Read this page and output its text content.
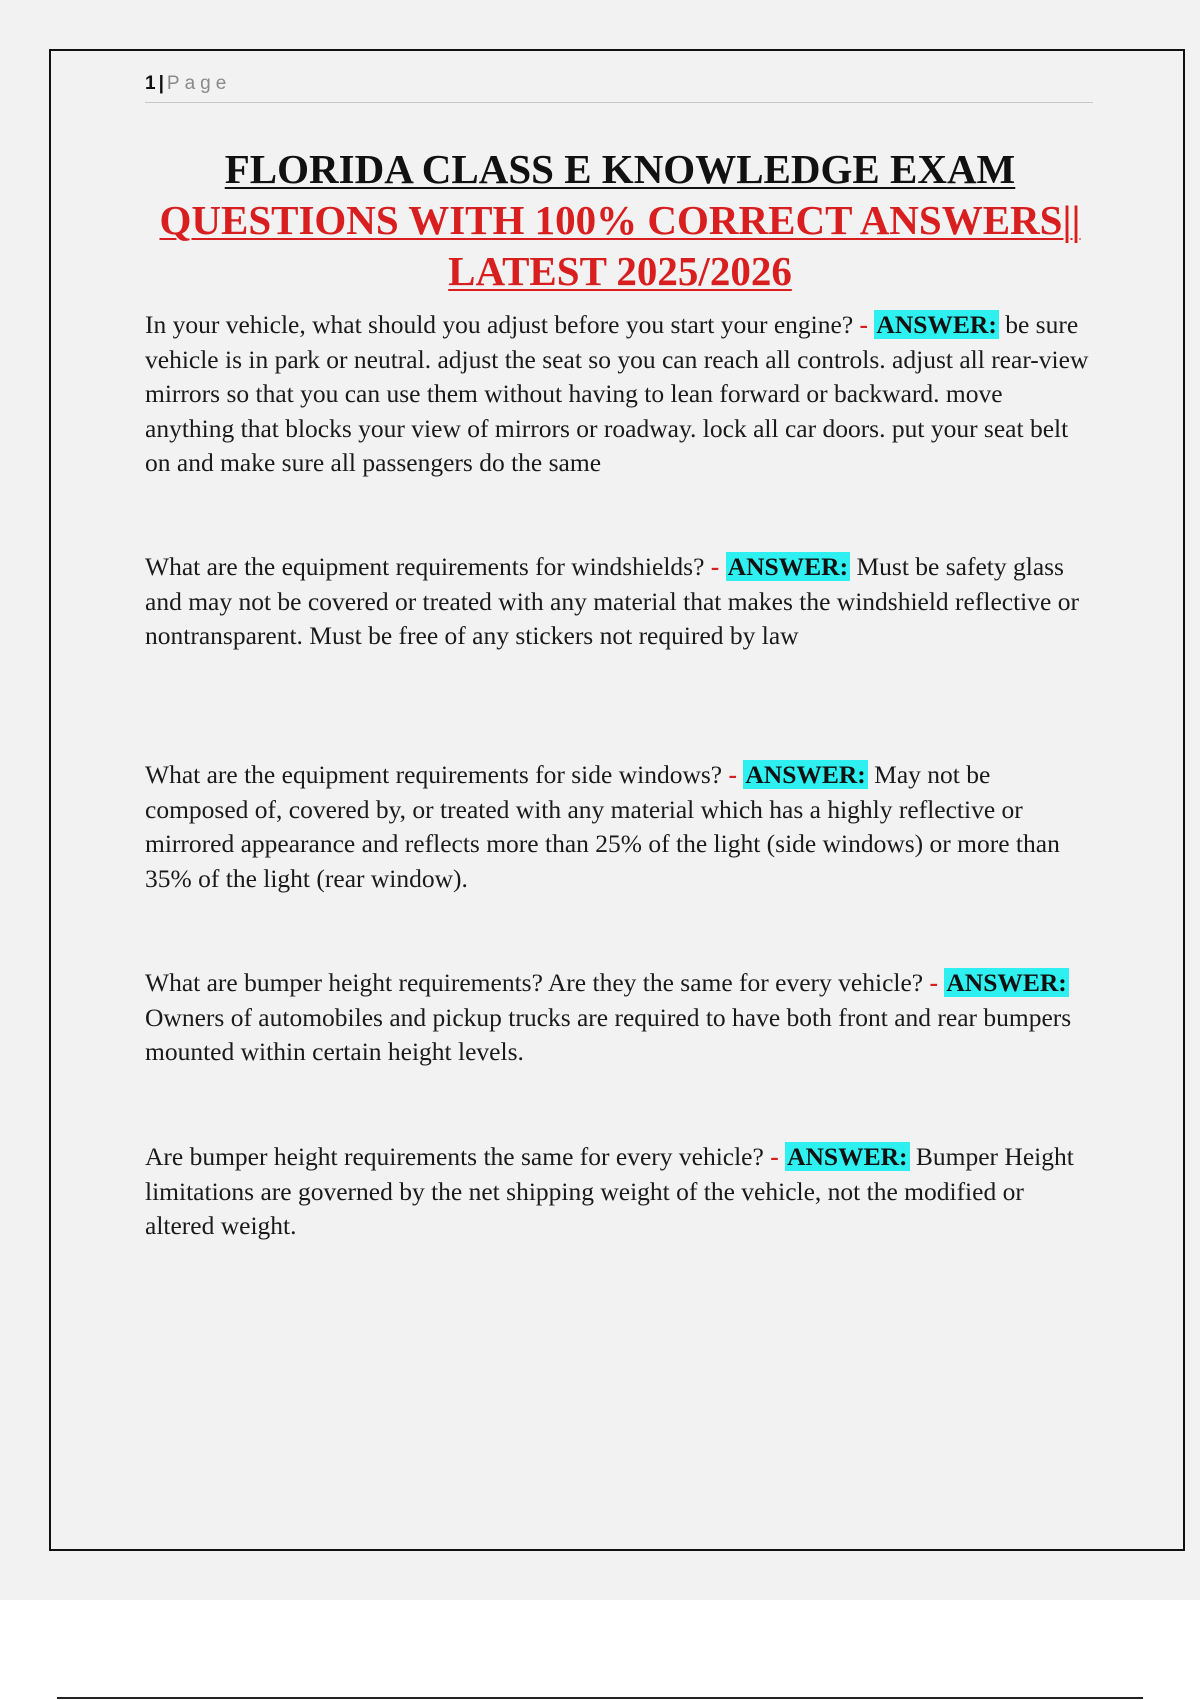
1 | Page
FLORIDA CLASS E KNOWLEDGE EXAM
QUESTIONS WITH 100% CORRECT ANSWERS||
LATEST 2025/2026

In your vehicle, what should you adjust before you start your engine? - ANSWER: be sure vehicle is in park or neutral. adjust the seat so you can reach all controls. adjust all rear-view mirrors so that you can use them without having to lean forward or backward. move anything that blocks your view of mirrors or roadway. lock all car doors. put your seat belt on and make sure all passengers do the same

What are the equipment requirements for windshields? - ANSWER: Must be safety glass and may not be covered or treated with any material that makes the windshield reflective or nontransparent. Must be free of any stickers not required by law

What are the equipment requirements for side windows? - ANSWER: May not be composed of, covered by, or treated with any material which has a highly reflective or mirrored appearance and reflects more than 25% of the light (side windows) or more than 35% of the light (rear window).

What are bumper height requirements? Are they the same for every vehicle? - ANSWER: Owners of automobiles and pickup trucks are required to have both front and rear bumpers mounted within certain height levels.

Are bumper height requirements the same for every vehicle? - ANSWER: Bumper Height limitations are governed by the net shipping weight of the vehicle, not the modified or altered weight.
